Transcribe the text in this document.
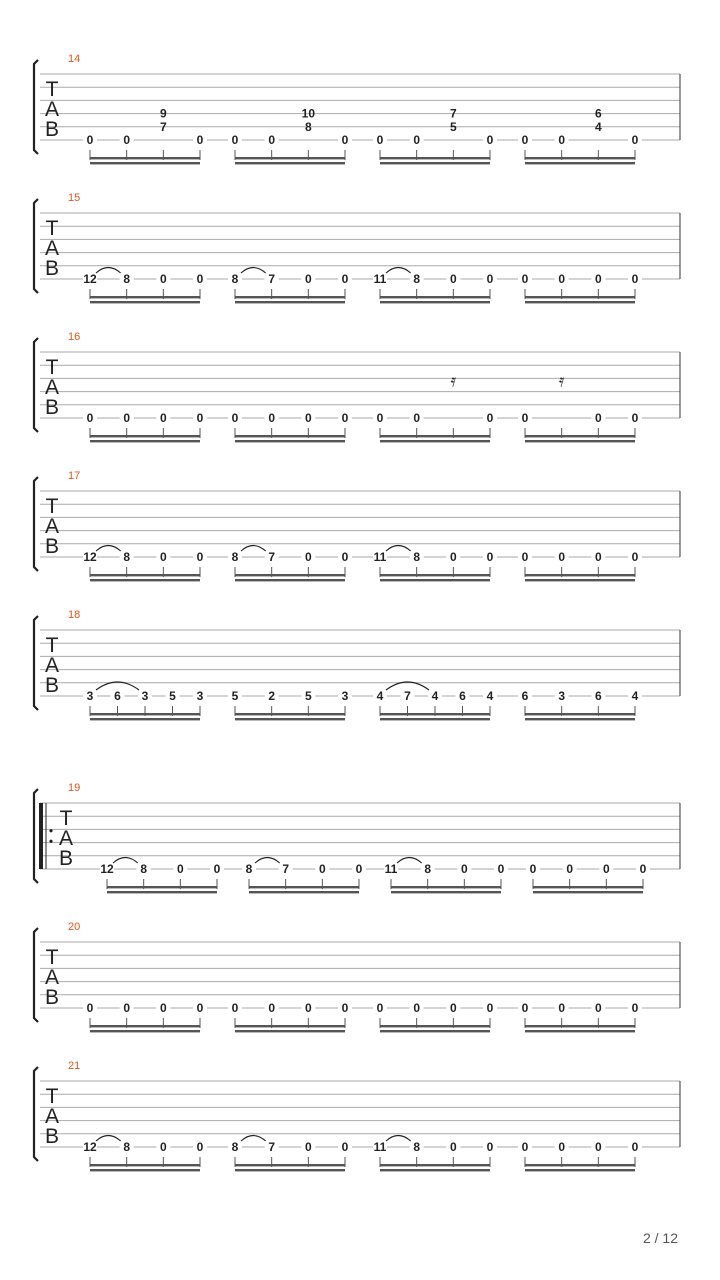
T
A
B
14
0 0
9
7
0 0 0
10
8
0 0 0
7
5
0 0 0
6
4
0
T
A
B
15
12 8 0 0 8 7 0 0 11 8 0 0 0 0 0 0
T
A
B
16
0 0 0 0 0 0 0 0 0 0
𝄿
0 0
𝄿
0 0
T
A
B
17
12 8 0 0 8 7 0 0 11 8 0 0 0 0 0 0
T
A
B
18
3 6 3 5 3 5 2 5 3 4 7 4 6 4 6 3 6 4
T
A
B
19
12 8 0 0 8 7 0 0 11 8 0 0 0 0 0 0
T
A
B
20
0 0 0 0 0 0 0 0 0 0 0 0 0 0 0 0
T
A
B
21
12 8 0 0 8 7 0 0 11 8 0 0 0 0 0 0
2 / 12
